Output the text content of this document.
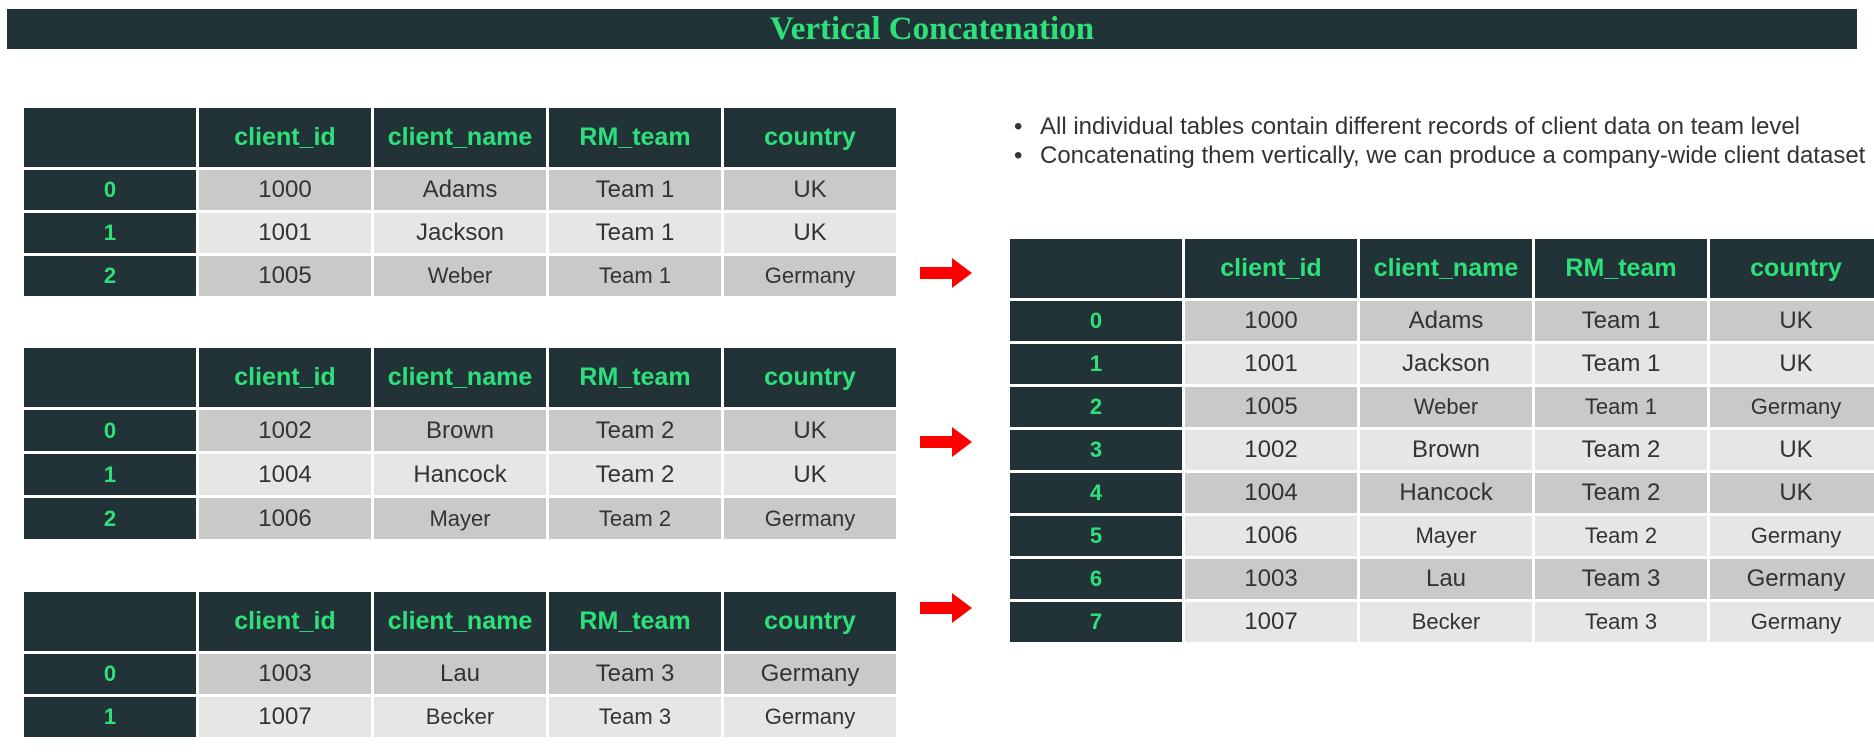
Vertical Concatenation
	client_id	client_name	RM_team	country
0	1000	Adams	Team 1	UK
1	1001	Jackson	Team 1	UK
2	1005	Weber	Team 1	Germany
	client_id	client_name	RM_team	country
0	1002	Brown	Team 2	UK
1	1004	Hancock	Team 2	UK
2	1006	Mayer	Team 2	Germany
	client_id	client_name	RM_team	country
0	1003	Lau	Team 3	Germany
1	1007	Becker	Team 3	Germany
• All individual tables contain different records of client data on team level
• Concatenating them vertically, we can produce a company-wide client dataset
	client_id	client_name	RM_team	country
0	1000	Adams	Team 1	UK
1	1001	Jackson	Team 1	UK
2	1005	Weber	Team 1	Germany
3	1002	Brown	Team 2	UK
4	1004	Hancock	Team 2	UK
5	1006	Mayer	Team 2	Germany
6	1003	Lau	Team 3	Germany
7	1007	Becker	Team 3	Germany
